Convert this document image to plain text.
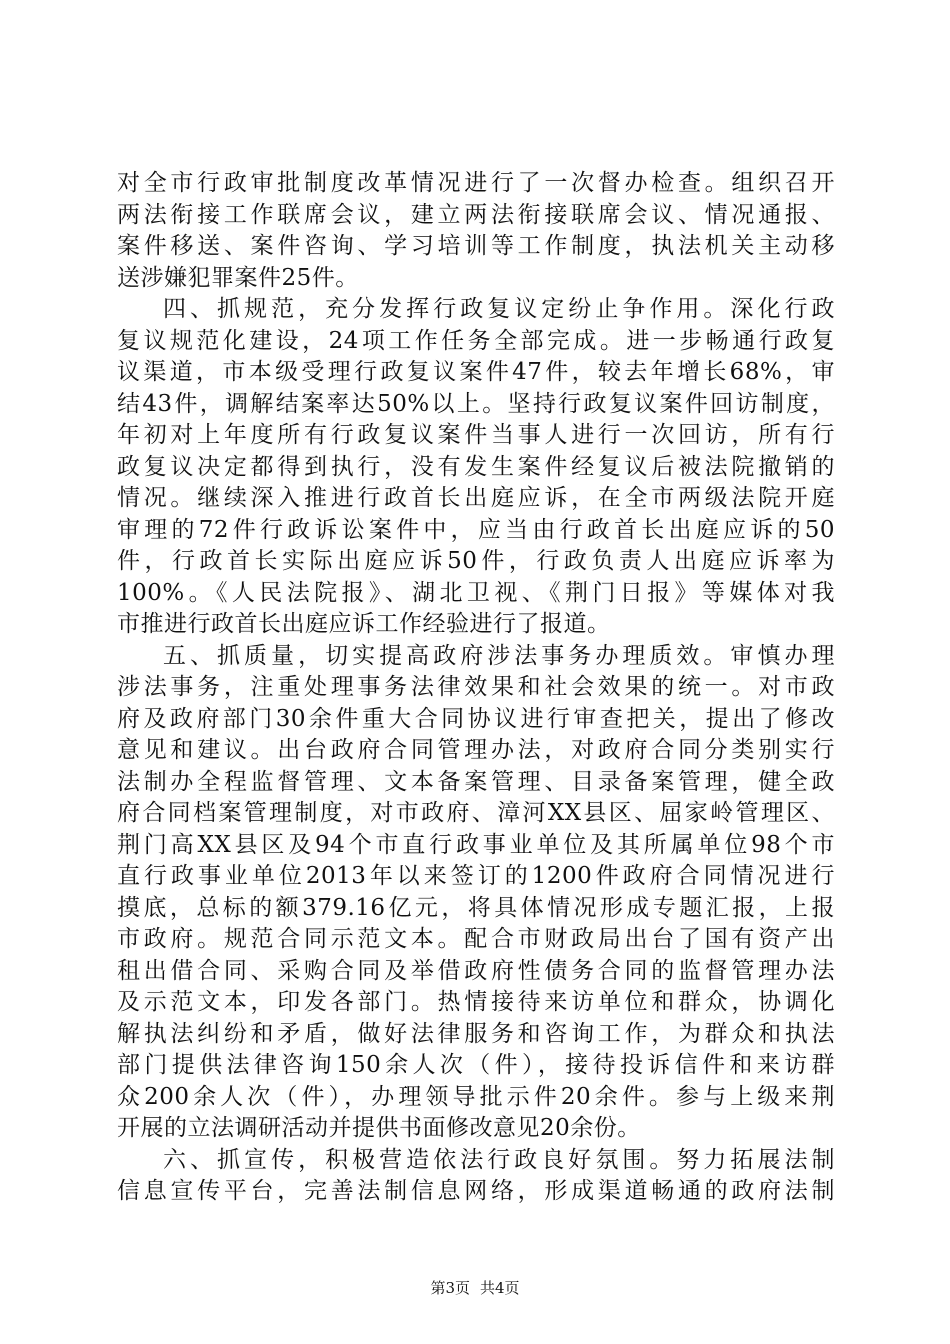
对全市行政审批制度改革情况进行了一次督办检查。组织召开
两法衔接工作联席会议，建立两法衔接联席会议、情况通报、
案件移送、案件咨询、学习培训等工作制度，执法机关主动移
送涉嫌犯罪案件25件。
四、抓规范，充分发挥行政复议定纷止争作用。深化行政
复议规范化建设，24项工作任务全部完成。进一步畅通行政复
议渠道，市本级受理行政复议案件47件，较去年增长68%，审
结43件，调解结案率达50%以上。坚持行政复议案件回访制度，
年初对上年度所有行政复议案件当事人进行一次回访，所有行
政复议决定都得到执行，没有发生案件经复议后被法院撤销的
情况。继续深入推进行政首长出庭应诉，在全市两级法院开庭
审理的72件行政诉讼案件中，应当由行政首长出庭应诉的50
件，行政首长实际出庭应诉50件，行政负责人出庭应诉率为
100%。《人民法院报》、湖北卫视、《荆门日报》等媒体对我
市推进行政首长出庭应诉工作经验进行了报道。
五、抓质量，切实提高政府涉法事务办理质效。审慎办理
涉法事务，注重处理事务法律效果和社会效果的统一。对市政
府及政府部门30余件重大合同协议进行审查把关，提出了修改
意见和建议。出台政府合同管理办法，对政府合同分类别实行
法制办全程监督管理、文本备案管理、目录备案管理，健全政
府合同档案管理制度，对市政府、漳河XX县区、屈家岭管理区、
荆门高XX县区及94个市直行政事业单位及其所属单位98个市
直行政事业单位2013年以来签订的1200件政府合同情况进行
摸底，总标的额379.16亿元，将具体情况形成专题汇报，上报
市政府。规范合同示范文本。配合市财政局出台了国有资产出
租出借合同、采购合同及举借政府性债务合同的监督管理办法
及示范文本，印发各部门。热情接待来访单位和群众，协调化
解执法纠纷和矛盾，做好法律服务和咨询工作，为群众和执法
部门提供法律咨询150余人次（件），接待投诉信件和来访群
众200余人次（件），办理领导批示件20余件。参与上级来荆
开展的立法调研活动并提供书面修改意见20余份。
六、抓宣传，积极营造依法行政良好氛围。努力拓展法制
信息宣传平台，完善法制信息网络，形成渠道畅通的政府法制
第3页 共4页
